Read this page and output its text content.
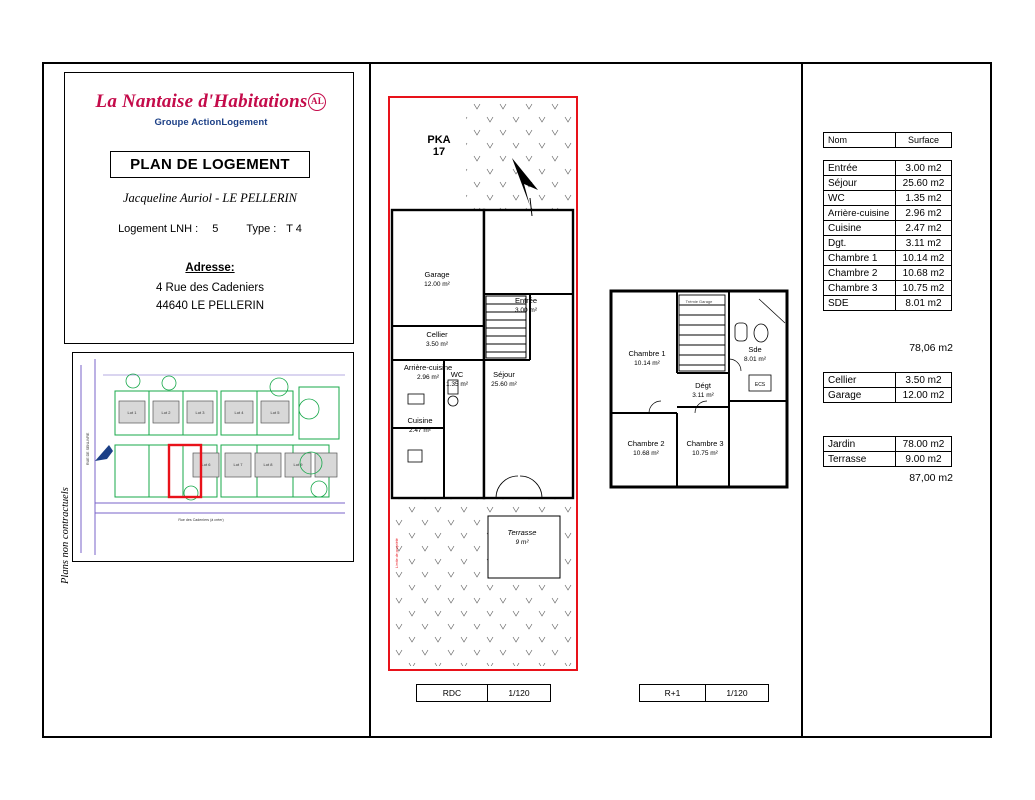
La Nantaise d'Habitations AL
Groupe ActionLogement
PLAN DE LOGEMENT
Jacqueline Auriol - LE PELLERIN
Logement LNH : 5	Type : T 4
Adresse:
4 Rue des Cadeniers
44640 LE PELLERIN
Lot 1	Lot 2	Lot 3	Lot 4	Lot 5
Lot 6	Lot 7	Lot 8	Lot 9
RUE DE SENLIVRE
Rue des Cadeniers (à créer)
Plans non contractuels	Limite de propriété
PKA
17
Garage
12.00 m²
Cellier
3.50 m²
Arrière-cuisine
2.96 m²	WC
1.35 m²
Cuisine
2.47 m²
Entrée
3.00 m²
Séjour
25.60 m²
Terrasse
9 m²
RDC	1/120
ECS
Trémie Garage
Chambre 1
10.14 m²
Sde
8.01 m²
Dégt
3.11 m²
Chambre 2
10.68 m²
Chambre 3
10.75 m²
R+1	1/120
Nom	Surface
Entrée	3.00 m2
Séjour	25.60 m2
WC	1.35 m2
Arrière-cuisine	2.96 m2
Cuisine	2.47 m2
Dgt.	3.11 m2
Chambre 1	10.14 m2
Chambre 2	10.68 m2
Chambre 3	10.75 m2
SDE	8.01 m2
78,06 m2
Cellier	3.50 m2
Garage	12.00 m2
Jardin	78.00 m2
Terrasse	9.00 m2
87,00 m2
